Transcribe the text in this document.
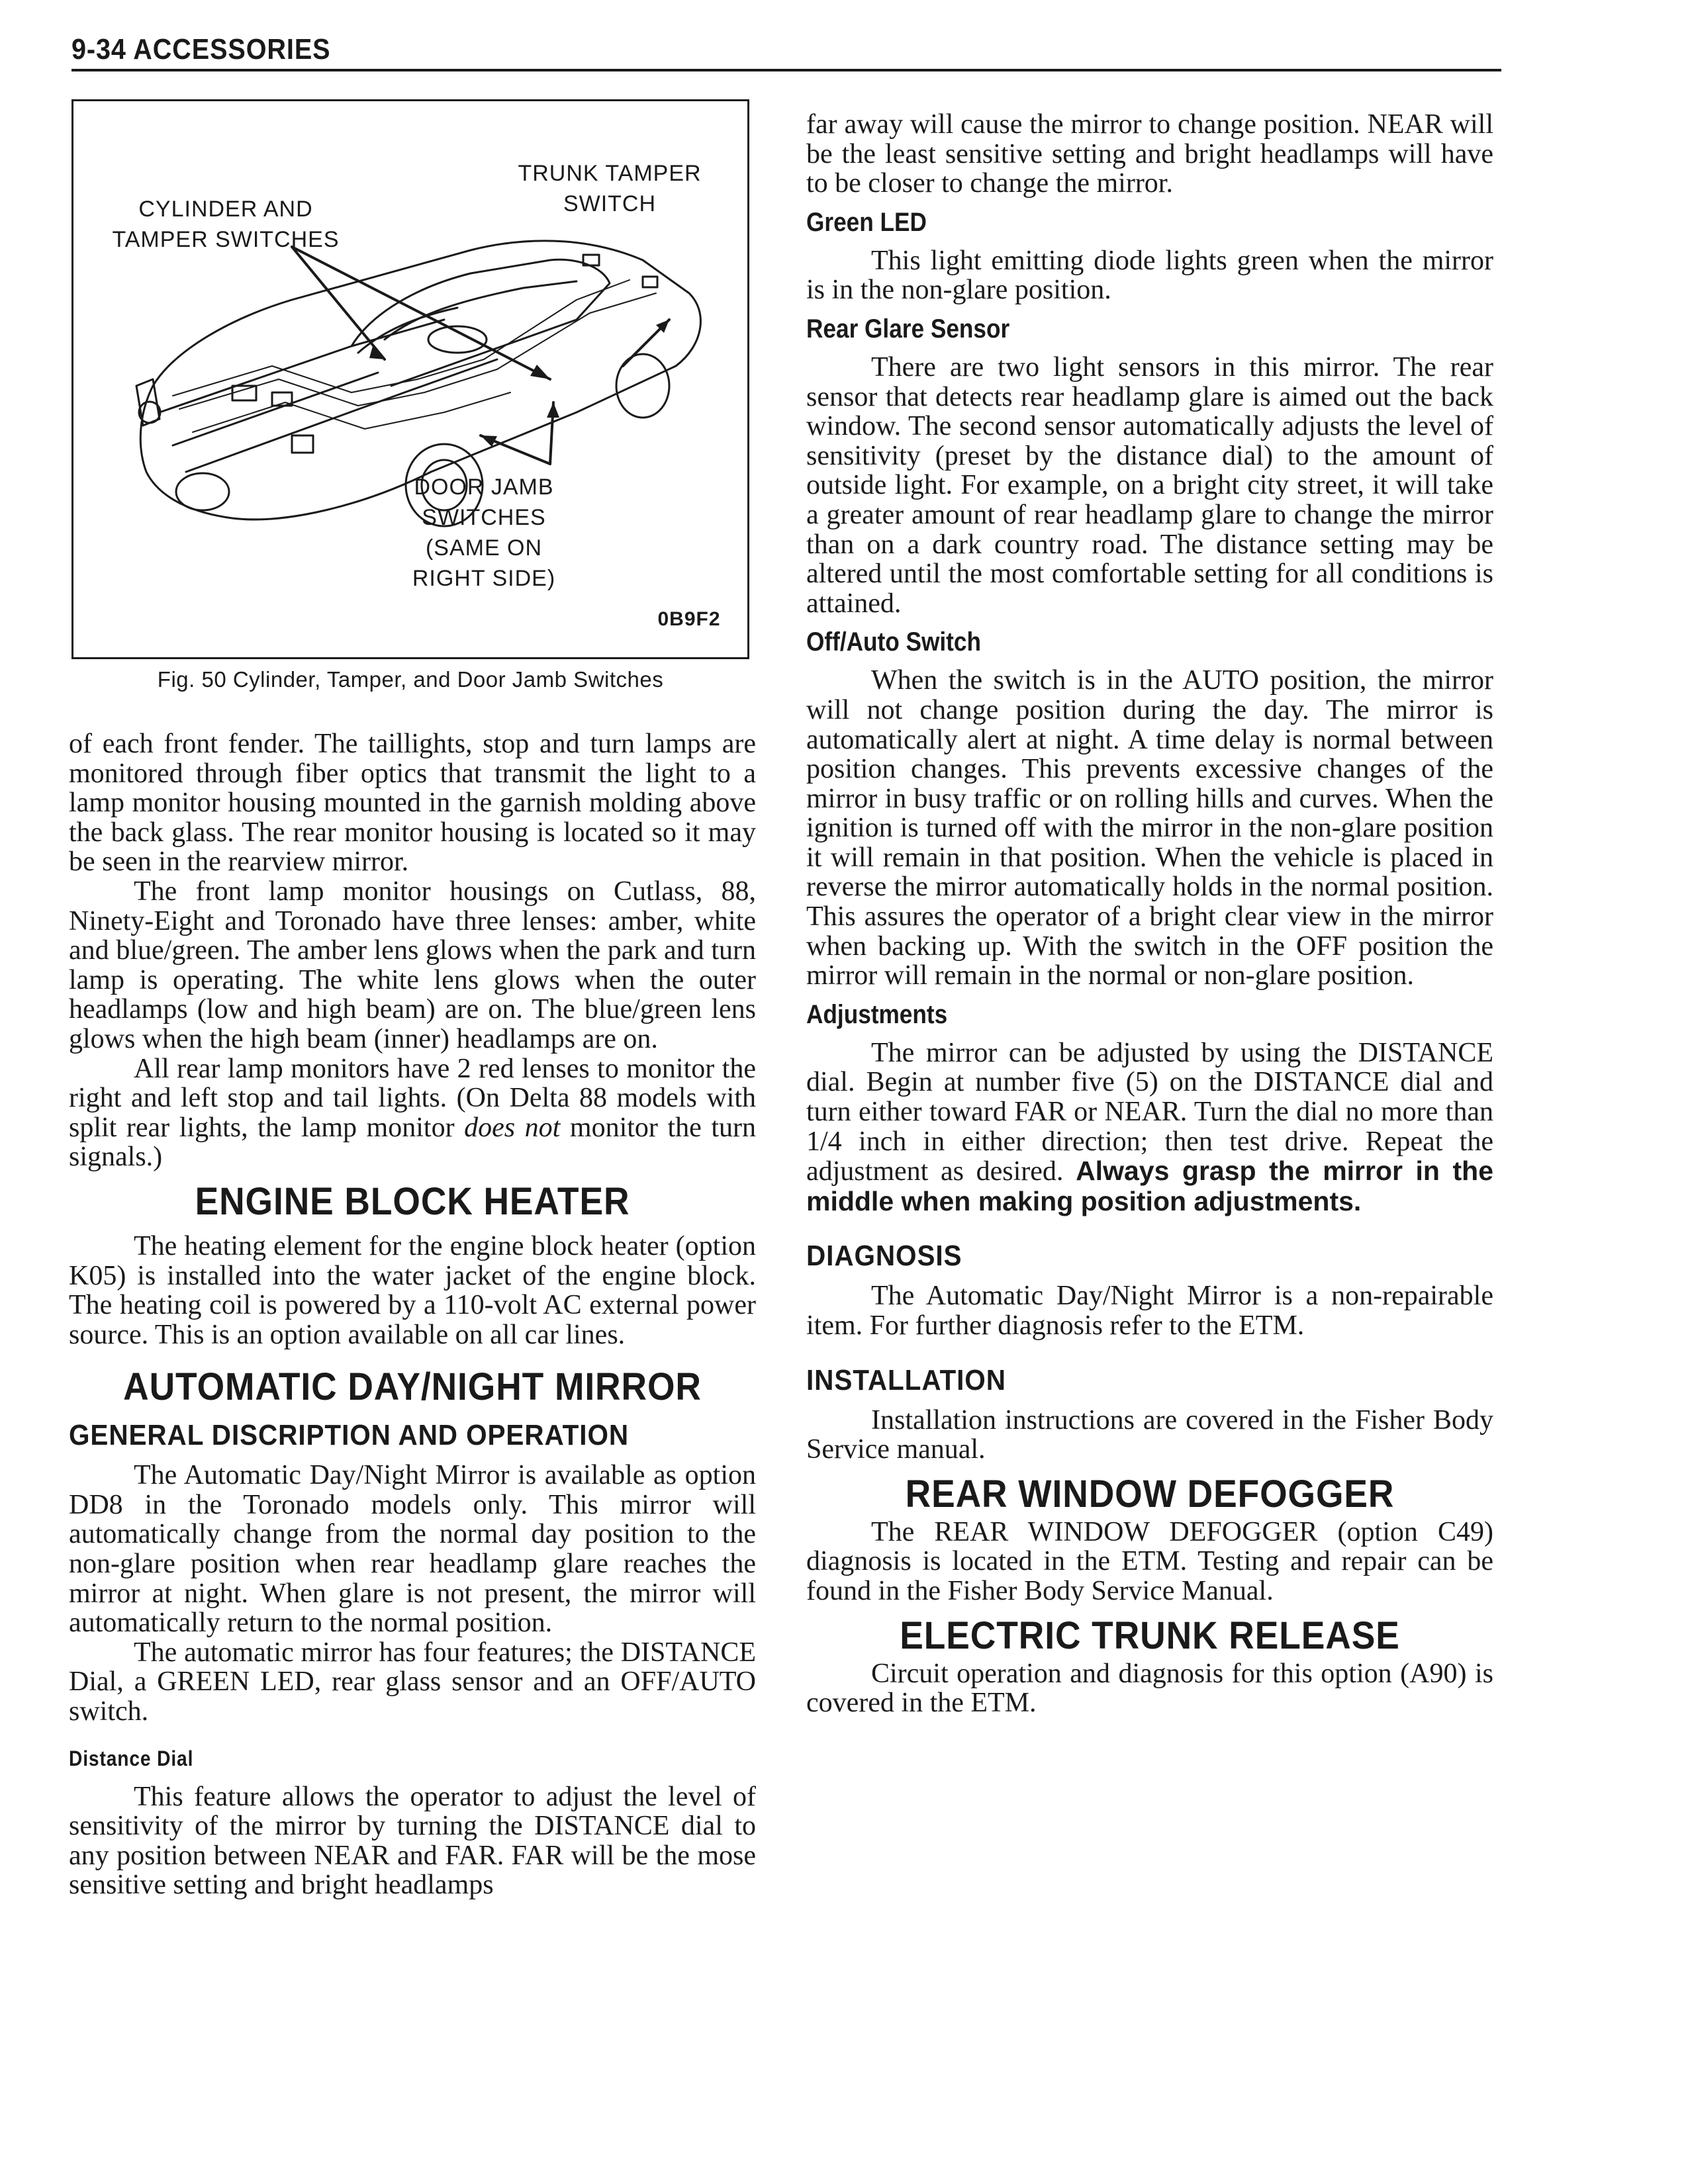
9-34 ACCESSORIES
TRUNK TAMPER
SWITCH
CYLINDER AND
TAMPER SWITCHES
DOOR JAMB
SWITCHES
(SAME ON
RIGHT SIDE)
0B9F2
Fig. 50 Cylinder, Tamper, and Door Jamb Switches

of each front fender. The taillights, stop and turn lamps are monitored through fiber optics that transmit the light to a lamp monitor housing mounted in the garnish molding above the back glass. The rear monitor housing is located so it may be seen in the rearview mirror.

The front lamp monitor housings on Cutlass, 88, Ninety-Eight and Toronado have three lenses: amber, white and blue/green. The amber lens glows when the park and turn lamp is operating. The white lens glows when the outer headlamps (low and high beam) are on. The blue/green lens glows when the high beam (inner) headlamps are on.

All rear lamp monitors have 2 red lenses to monitor the right and left stop and tail lights. (On Delta 88 models with split rear lights, the lamp monitor does not monitor the turn signals.)

ENGINE BLOCK HEATER

The heating element for the engine block heater (option K05) is installed into the water jacket of the engine block. The heating coil is powered by a 110-volt AC external power source. This is an option available on all car lines.

AUTOMATIC DAY/NIGHT MIRROR
GENERAL DISCRIPTION AND OPERATION

The Automatic Day/Night Mirror is available as option DD8 in the Toronado models only. This mirror will automatically change from the normal day position to the non-glare position when rear headlamp glare reaches the mirror at night. When glare is not present, the mirror will automatically return to the normal position.

The automatic mirror has four features; the DISTANCE Dial, a GREEN LED, rear glass sensor and an OFF/AUTO switch.

Distance Dial

This feature allows the operator to adjust the level of sensitivity of the mirror by turning the DISTANCE dial to any position between NEAR and FAR. FAR will be the mose sensitive setting and bright headlamps

far away will cause the mirror to change position. NEAR will be the least sensitive setting and bright headlamps will have to be closer to change the mirror.

Green LED

This light emitting diode lights green when the mirror is in the non-glare position.

Rear Glare Sensor

There are two light sensors in this mirror. The rear sensor that detects rear headlamp glare is aimed out the back window. The second sensor automatically adjusts the level of sensitivity (preset by the distance dial) to the amount of outside light. For example, on a bright city street, it will take a greater amount of rear headlamp glare to change the mirror than on a dark country road. The distance setting may be altered until the most comfortable setting for all conditions is attained.

Off/Auto Switch

When the switch is in the AUTO position, the mirror will not change position during the day. The mirror is automatically alert at night. A time delay is normal between position changes. This prevents excessive changes of the mirror in busy traffic or on rolling hills and curves. When the ignition is turned off with the mirror in the non-glare position it will remain in that position. When the vehicle is placed in reverse the mirror automatically holds in the normal position. This assures the operator of a bright clear view in the mirror when backing up. With the switch in the OFF position the mirror will remain in the normal or non-glare position.

Adjustments

The mirror can be adjusted by using the DISTANCE dial. Begin at number five (5) on the DISTANCE dial and turn either toward FAR or NEAR. Turn the dial no more than 1/4 inch in either direction; then test drive. Repeat the adjustment as desired. Always grasp the mirror in the middle when making position adjustments.

DIAGNOSIS

The Automatic Day/Night Mirror is a non-repairable item. For further diagnosis refer to the ETM.

INSTALLATION

Installation instructions are covered in the Fisher Body Service manual.

REAR WINDOW DEFOGGER

The REAR WINDOW DEFOGGER (option C49) diagnosis is located in the ETM. Testing and repair can be found in the Fisher Body Service Manual.

ELECTRIC TRUNK RELEASE

Circuit operation and diagnosis for this option (A90) is covered in the ETM.
